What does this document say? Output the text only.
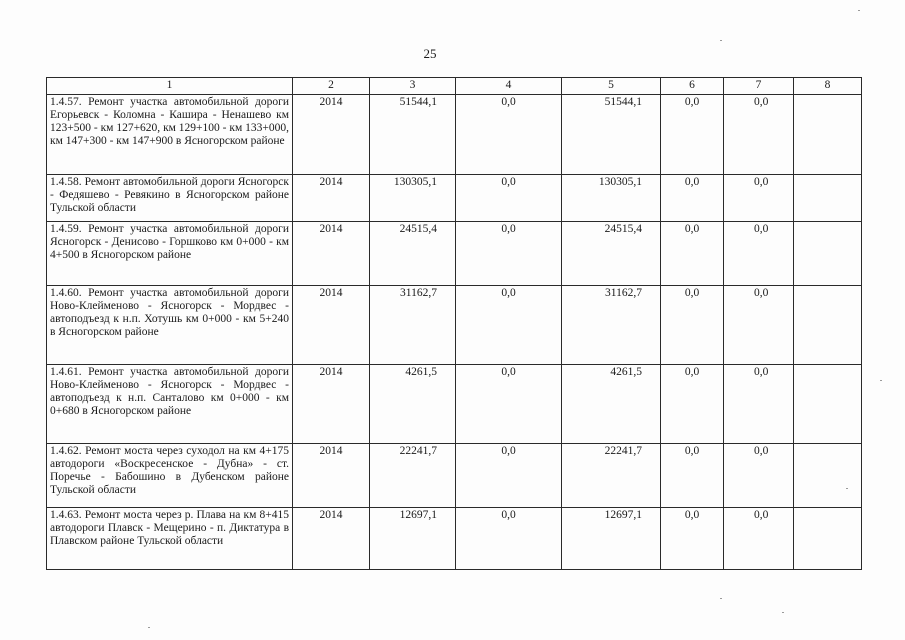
25
1	2	3	4	5	6	7	8
1.4.57. Ремонт участка автомобильной дороги Егорьевск - Коломна - Кашира - Ненашево км 123+500 - км 127+620, км 129+100 - км 133+000, км 147+300 - км 147+900 в Ясногорском районе	2014	51544,1	0,0	51544,1	0,0	0,0	
1.4.58. Ремонт автомобильной дороги Ясногорск - Федяшево - Ревякино в Ясногорском районе Тульской области	2014	130305,1	0,0	130305,1	0,0	0,0	
1.4.59. Ремонт участка автомобильной дороги Ясногорск - Денисово - Горшково км 0+000 - км 4+500 в Ясногорском районе	2014	24515,4	0,0	24515,4	0,0	0,0	
1.4.60. Ремонт участка автомобильной дороги Ново-Клейменово - Ясногорск - Мордвес - автоподъезд к н.п. Хотушь км 0+000 - км 5+240 в Ясногорском районе	2014	31162,7	0,0	31162,7	0,0	0,0	
1.4.61. Ремонт участка автомобильной дороги Ново-Клейменово - Ясногорск - Мордвес - автоподъезд к н.п. Санталово км 0+000 - км 0+680 в Ясногорском районе	2014	4261,5	0,0	4261,5	0,0	0,0	
1.4.62. Ремонт моста через суходол на км 4+175 автодороги «Воскресенское - Дубна» - ст. Поречье - Бабошино в Дубенском районе Тульской области	2014	22241,7	0,0	22241,7	0,0	0,0	
1.4.63. Ремонт моста через р. Плава на км 8+415 автодороги Плавск - Мещерино - п. Диктатура в Плавском районе Тульской области	2014	12697,1	0,0	12697,1	0,0	0,0	
